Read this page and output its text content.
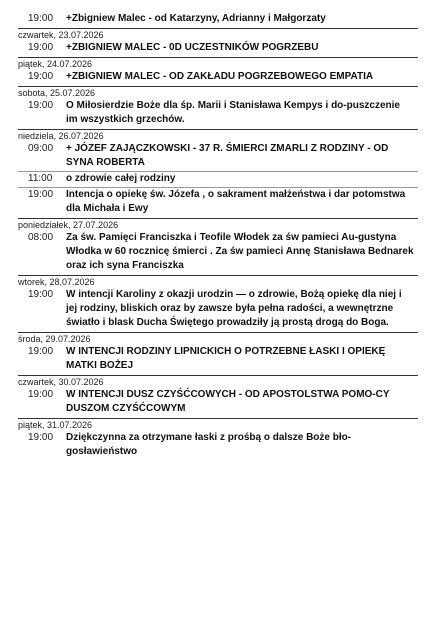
19:00	+Zbigniew Malec - od Katarzyny, Adrianny i Małgorzaty
czwartek, 23.07.2026
19:00	+ZBIGNIEW MALEC - 0D UCZESTNIKÓW POGRZEBU
piątek, 24.07.2026
19:00	+ZBIGNIEW MALEC - OD ZAKŁADU POGRZEBOWEGO EMPATIA
sobota, 25.07.2026
19:00	O Miłosierdzie Boże dla śp. Marii i Stanisława Kempys i do-puszczenie im wszystkich grzechów.
niedziela, 26.07.2026
09:00	+ JÓZEF ZAJĄCZKOWSKI - 37 R. ŚMIERCI ZMARLI Z RODZINY - OD SYNA ROBERTA
11:00	o zdrowie całej rodziny
19:00	Intencja o opiekę św. Józefa , o sakrament małżeństwa i dar potomstwa dla Michała i Ewy
poniedziałek, 27.07.2026
08:00	Za św. Pamięci Franciszka i Teofile Włodek za św pamieci Au-gustyna Włodka w 60 rocznicę śmierci . Za św pamieci Annę Stanisława Bednarek oraz ich syna Franciszka
wtorek, 28.07.2026
19:00	W intencji Karoliny z okazji urodzin — o zdrowie, Bożą opiekę dla niej i jej rodziny, bliskich oraz by zawsze była pełna radości, a wewnętrzne światło i blask Ducha Świętego prowadziły ją prostą drogą do Boga.
środa, 29.07.2026
19:00	W INTENCJI RODZINY LIPNICKICH O POTRZEBNE ŁASKI I OPIEKĘ MATKI BOŻEJ
czwartek, 30.07.2026
19:00	W INTENCJI DUSZ CZYŚĆCOWYCH - OD APOSTOLSTWA POMO-CY DUSZOM CZYŚĆCOWYM
piątek, 31.07.2026
19:00	Dziękczynna za otrzymane łaski z prośbą o dalsze Boże bło-gosławieństwo
